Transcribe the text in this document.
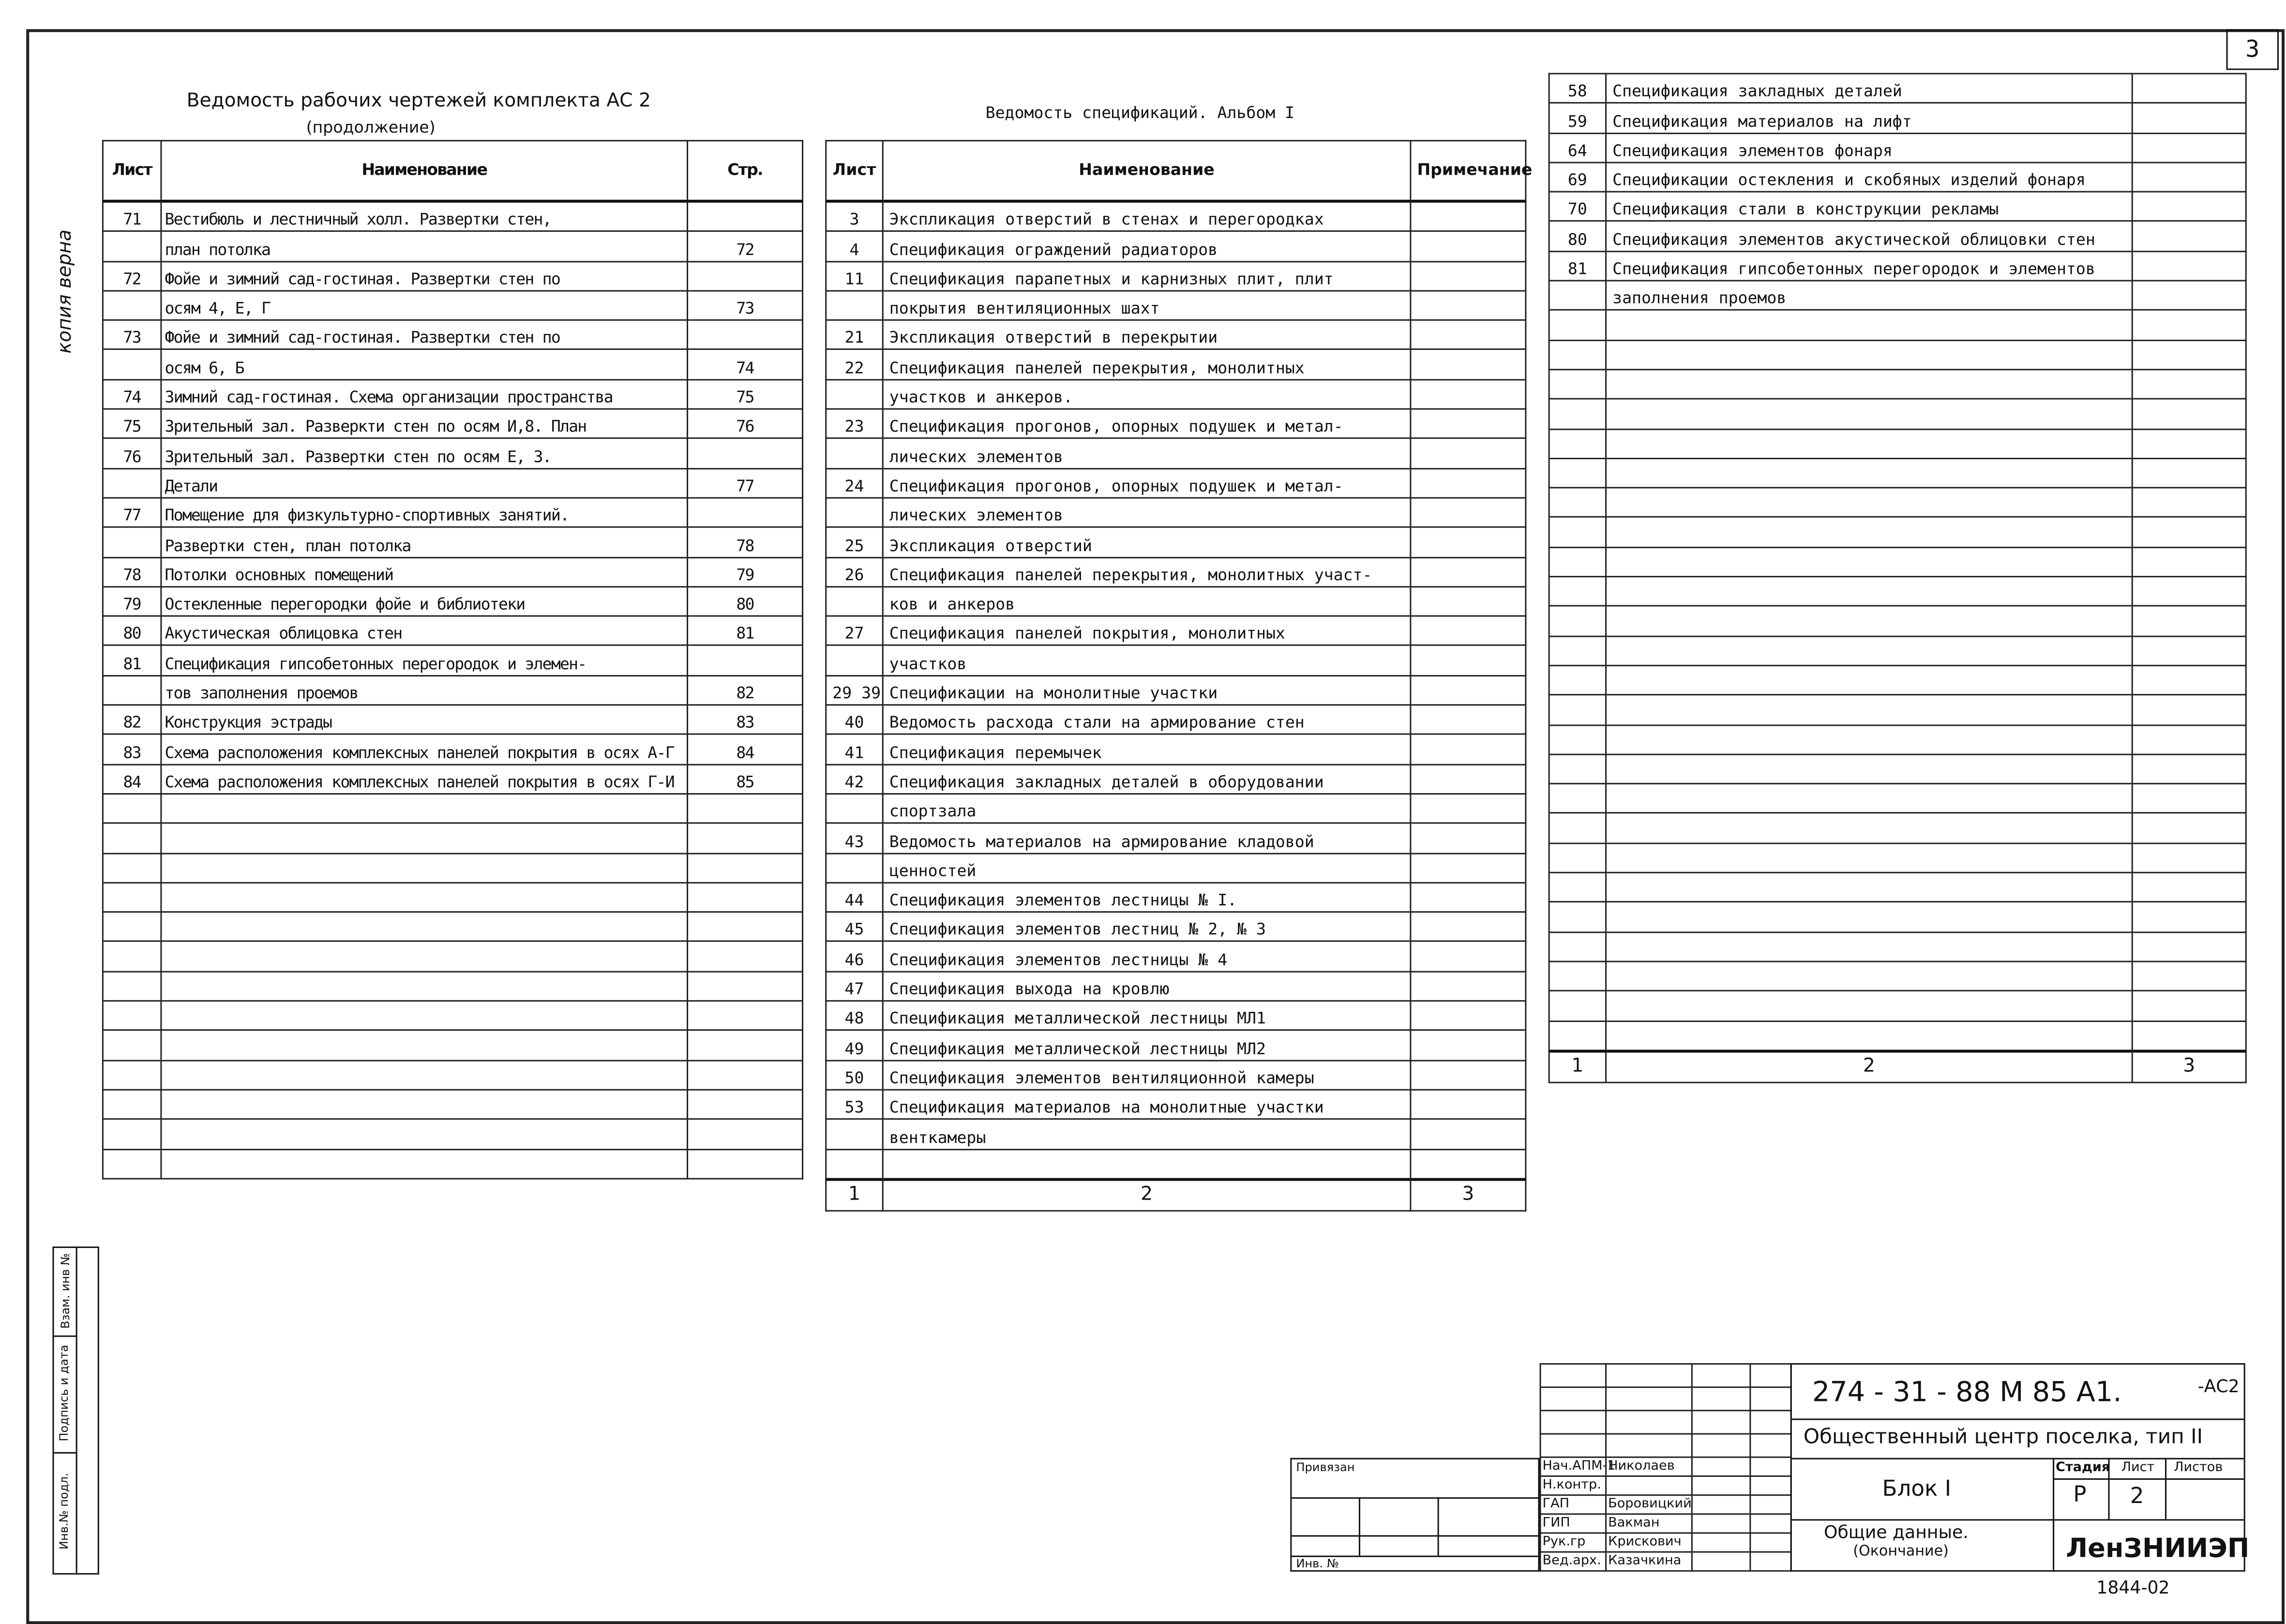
3
копия верна
Инв.№ подл.
Подпись и дата
Взам. инв №
Ведомость рабочих чертежей комплекта АС 2
(продолжение)
Лист	Наименование	Стр.
71	Вестибюль и лестничный холл. Развертки стен,	
	план потолка	72
72	Фойе и зимний сад-гостиная. Развертки стен по	
	осям 4, Е, Г	73
73	Фойе и зимний сад-гостиная. Развертки стен по	
	осям 6, Б	74
74	Зимний сад-гостиная. Схема организации пространства	75
75	Зрительный зал. Разверкти стен по осям И,8. План	76
76	Зрительный зал. Развертки стен по осям Е, З.	
	Детали	77
77	Помещение для физкультурно-спортивных занятий.	
	Развертки стен, план потолка	78
78	Потолки основных помещений	79
79	Остекленные перегородки фойе и библиотеки	80
80	Акустическая облицовка стен	81
81	Спецификация гипсобетонных перегородок и элемен-	
	тов заполнения проемов	82
82	Конструкция эстрады	83
83	Схема расположения комплексных панелей покрытия в осях А-Г	84
84	Схема расположения комплексных панелей покрытия в осях Г-И	85

Ведомость спецификаций. Альбом I
Лист	Наименование	Примечание
3	Экспликация отверстий в стенах и перегородках	
4	Спецификация ограждений радиаторов	
11	Спецификация парапетных и карнизных плит, плит	
	покрытия вентиляционных шахт	
21	Экспликация отверстий в перекрытии	
22	Спецификация панелей перекрытия, монолитных	
	участков и анкеров.	
23	Спецификация прогонов, опорных подушек и метал-	
	лических элементов	
24	Спецификация прогонов, опорных подушек и метал-	
	лических элементов	
25	Экспликация отверстий	
26	Спецификация панелей перекрытия, монолитных участ-	
	ков и анкеров	
27	Спецификация панелей покрытия, монолитных	
	участков	
29 39	Спецификации на монолитные участки	
40	Ведомость расхода стали на армирование стен	
41	Спецификация перемычек	
42	Спецификация закладных деталей в оборудовании	
	спортзала	
43	Ведомость материалов на армирование кладовой	
	ценностей	
44	Спецификация элементов лестницы № I.	
45	Спецификация элементов лестниц № 2, № 3	
46	Спецификация элементов лестницы № 4	
47	Спецификация выхода на кровлю	
48	Спецификация металлической лестницы МЛ1	
49	Спецификация металлической лестницы МЛ2	
50	Спецификация элементов вентиляционной камеры	
53	Спецификация материалов на монолитные участки	
	венткамеры	

1	2	3
58	Спецификация закладных деталей	
59	Спецификация материалов на лифт	
64	Спецификация элементов фонаря	
69	Спецификации остекления и скобяных изделий фонаря	
70	Спецификация стали в конструкции рекламы	
80	Спецификация элементов акустической облицовки стен	
81	Спецификация гипсобетонных перегородок и элементов	
	заполнения проемов	

1	2	3
Привязан
Инв. №

Нач.АПМ-1	Николаев		
Н.контр.			
ГАП	Боровицкий		
ГИП	Вакман		
Рук.гр	Крискович		
Вед.арх.	Казачкина		
274 - 31 - 88 М 85 А1.	-АС2
Общественный центр поселка, тип II
Блок I
Стадия	Лист	Листов
Р	2
Общие данные.
(Окончание)	ЛенЗНИИЭП
1844-02
